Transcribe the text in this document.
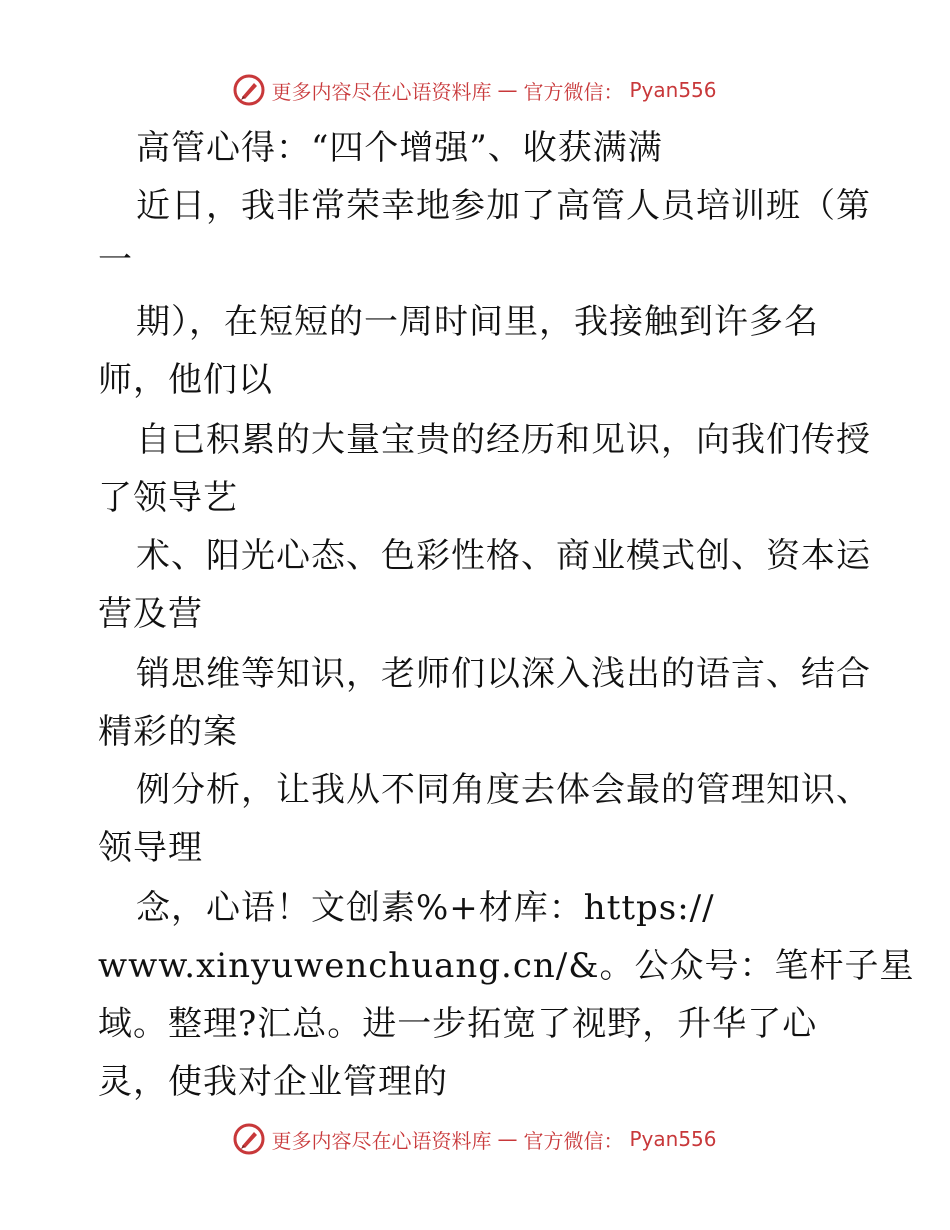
更多内容尽在心语资料库 — 官方微信： Pyan556
高管心得：“四个增强”、收获满满
近日，我非常荣幸地参加了高管人员培训班（第
一
期），在短短的一周时间里，我接触到许多名
师，他们以
自已积累的大量宝贵的经历和见识，向我们传授
了领导艺
术、阳光心态、色彩性格、商业模式创、资本运
营及营
销思维等知识，老师们以深入浅出的语言、结合
精彩的案
例分析，让我从不同角度去体会最的管理知识、
领导理
念，心语！文创素%+材库：https://
www.xinyuwenchuang.cn/&。公众号：笔杆子星
域。整理?汇总。进一步拓宽了视野，升华了心
灵，使我对企业管理的
更多内容尽在心语资料库 — 官方微信： Pyan556
